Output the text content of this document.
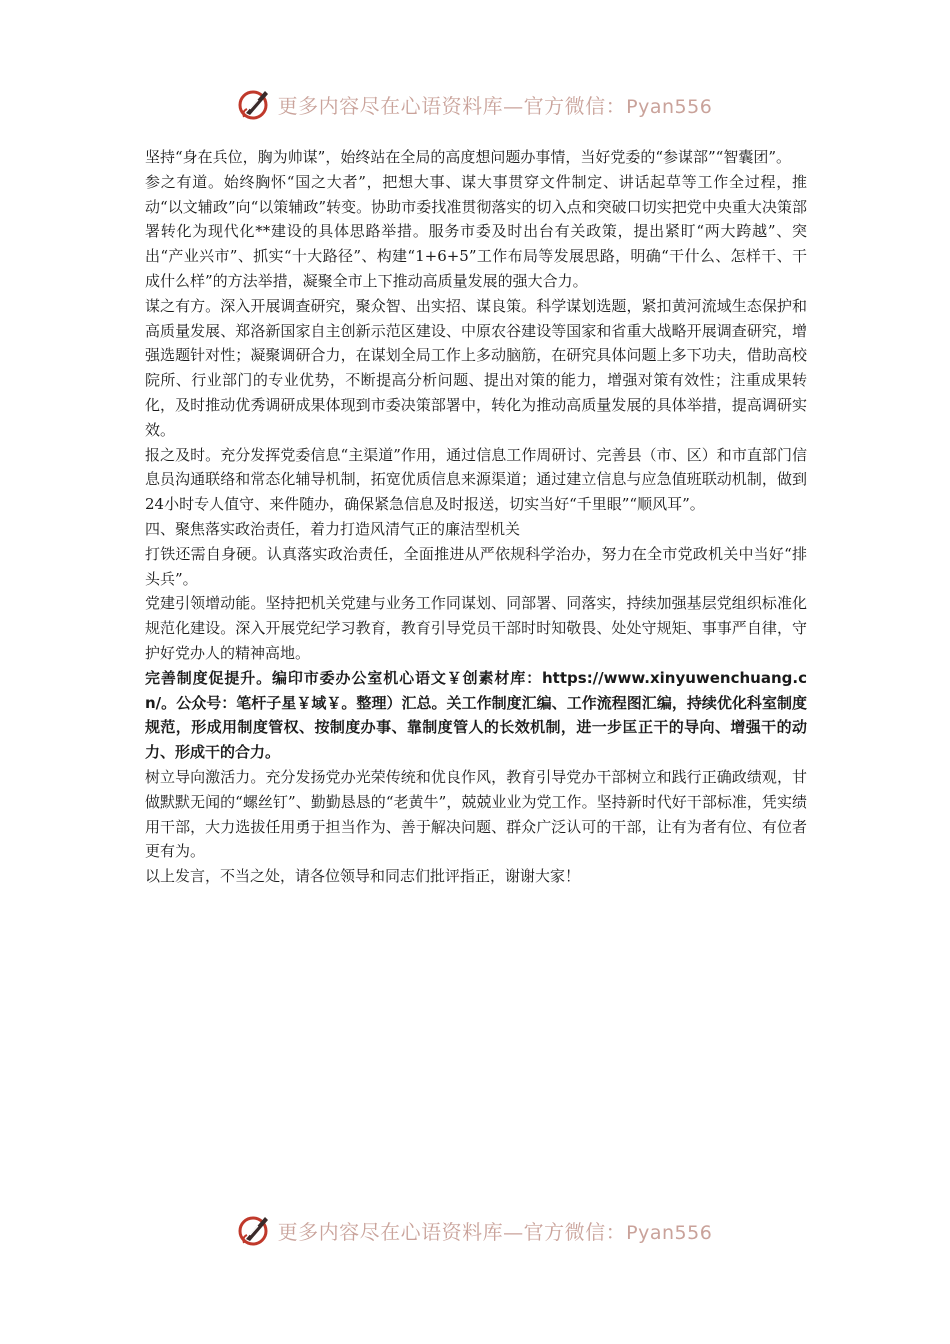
更多内容尽在心语资料库—官方微信：Pyan556

坚持“身在兵位，胸为帅谋”，始终站在全局的高度想问题办事情，当好党委的“参谋部”“智囊团”。

参之有道。始终胸怀“国之大者”，把想大事、谋大事贯穿文件制定、讲话起草等工作全过程，推动“以文辅政”向“以策辅政”转变。协助市委找准贯彻落实的切入点和突破口切实把党中央重大决策部署转化为现代化**建设的具体思路举措。服务市委及时出台有关政策，提出紧盯“两大跨越”、突出“产业兴市”、抓实“十大路径”、构建“1+6+5”工作布局等发展思路，明确“干什么、怎样干、干成什么样”的方法举措，凝聚全市上下推动高质量发展的强大合力。

谋之有方。深入开展调查研究，聚众智、出实招、谋良策。科学谋划选题，紧扣黄河流域生态保护和高质量发展、郑洛新国家自主创新示范区建设、中原农谷建设等国家和省重大战略开展调查研究，增强选题针对性；凝聚调研合力，在谋划全局工作上多动脑筋，在研究具体问题上多下功夫，借助高校院所、行业部门的专业优势，不断提高分析问题、提出对策的能力，增强对策有效性；注重成果转化，及时推动优秀调研成果体现到市委决策部署中，转化为推动高质量发展的具体举措，提高调研实效。

报之及时。充分发挥党委信息“主渠道”作用，通过信息工作周研讨、完善县（市、区）和市直部门信息员沟通联络和常态化辅导机制，拓宽优质信息来源渠道；通过建立信息与应急值班联动机制，做到24小时专人值守、来件随办，确保紧急信息及时报送，切实当好“千里眼”“顺风耳”。

四、聚焦落实政治责任，着力打造风清气正的廉洁型机关

打铁还需自身硬。认真落实政治责任，全面推进从严依规科学治办，努力在全市党政机关中当好“排头兵”。

党建引领增动能。坚持把机关党建与业务工作同谋划、同部署、同落实，持续加强基层党组织标准化规范化建设。深入开展党纪学习教育，教育引导党员干部时时知敬畏、处处守规矩、事事严自律，守护好党办人的精神高地。

完善制度促提升。编印市委办公室机心语文￥创素材库：https://www.xinyuwenchuang.cn/。公众号：笔杆子星￥域￥。整理）汇总。关工作制度汇编、工作流程图汇编，持续优化科室制度规范，形成用制度管权、按制度办事、靠制度管人的长效机制，进一步匡正干的导向、增强干的动力、形成干的合力。

树立导向激活力。充分发扬党办光荣传统和优良作风，教育引导党办干部树立和践行正确政绩观，甘做默默无闻的“螺丝钉”、勤勤恳恳的“老黄牛”，兢兢业业为党工作。坚持新时代好干部标准，凭实绩用干部，大力选拔任用勇于担当作为、善于解决问题、群众广泛认可的干部，让有为者有位、有位者更有为。

以上发言，不当之处，请各位领导和同志们批评指正，谢谢大家！

更多内容尽在心语资料库—官方微信：Pyan556
